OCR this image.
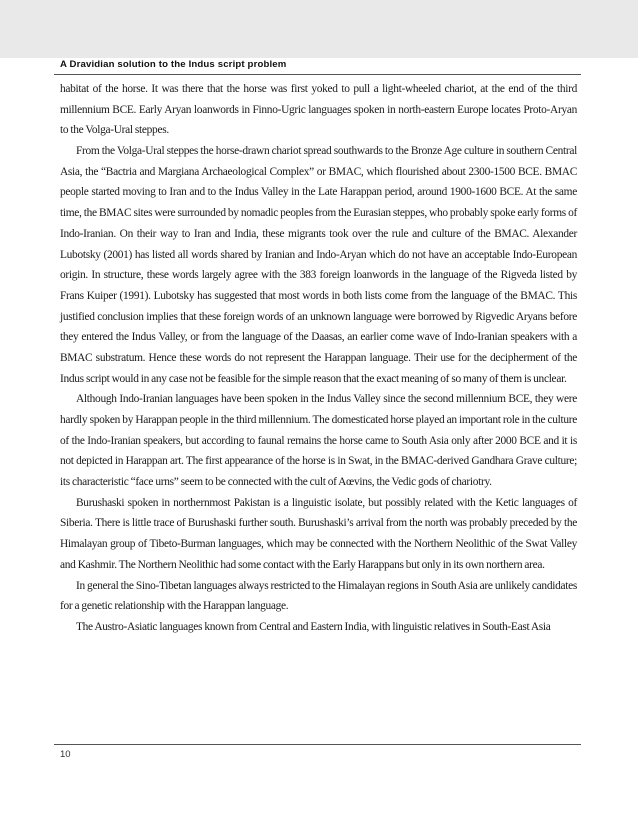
A Dravidian solution to the Indus script problem

habitat of the horse. It was there that the horse was first yoked to pull a light-wheeled chariot, at the end of the third millennium BCE. Early Aryan loanwords in Finno-Ugric languages spoken in north-eastern Europe locates Proto-Aryan to the Volga-Ural steppes.

From the Volga-Ural steppes the horse-drawn chariot spread southwards to the Bronze Age culture in southern Central Asia, the “Bactria and Margiana Archaeological Complex” or BMAC, which flourished about 2300-1500 BCE. BMAC people started moving to Iran and to the Indus Valley in the Late Harappan period, around 1900-1600 BCE. At the same time, the BMAC sites were surrounded by nomadic peoples from the Eurasian steppes, who probably spoke early forms of Indo-Iranian. On their way to Iran and India, these migrants took over the rule and culture of the BMAC. Alexander Lubotsky (2001) has listed all words shared by Iranian and Indo-Aryan which do not have an acceptable Indo-European origin. In structure, these words largely agree with the 383 foreign loanwords in the language of the Rigveda listed by Frans Kuiper (1991). Lubotsky has suggested that most words in both lists come from the language of the BMAC. This justified conclusion implies that these foreign words of an unknown language were borrowed by Rigvedic Aryans before they entered the Indus Valley, or from the language of the Daasas, an earlier come wave of Indo-Iranian speakers with a BMAC substratum. Hence these words do not represent the Harappan language. Their use for the decipherment of the Indus script would in any case not be feasible for the simple reason that the exact meaning of so many of them is unclear.

Although Indo-Iranian languages have been spoken in the Indus Valley since the second millennium BCE, they were hardly spoken by Harappan people in the third millennium. The domesticated horse played an important role in the culture of the Indo-Iranian speakers, but according to faunal remains the horse came to South Asia only after 2000 BCE and it is not depicted in Harappan art. The first appearance of the horse is in Swat, in the BMAC-derived Gandhara Grave culture; its characteristic “face urns” seem to be connected with the cult of Aœvins, the Vedic gods of chariotry.

Burushaski spoken in northernmost Pakistan is a linguistic isolate, but possibly related with the Ketic languages of Siberia. There is little trace of Burushaski further south. Burushaski’s arrival from the north was probably preceded by the Himalayan group of Tibeto-Burman languages, which may be connected with the Northern Neolithic of the Swat Valley and Kashmir. The Northern Neolithic had some contact with the Early Harappans but only in its own northern area.

In general the Sino-Tibetan languages always restricted to the Himalayan regions in South Asia are unlikely candidates for a genetic relationship with the Harappan language.

The Austro-Asiatic languages known from Central and Eastern India, with linguistic relatives in South-East Asia

10
